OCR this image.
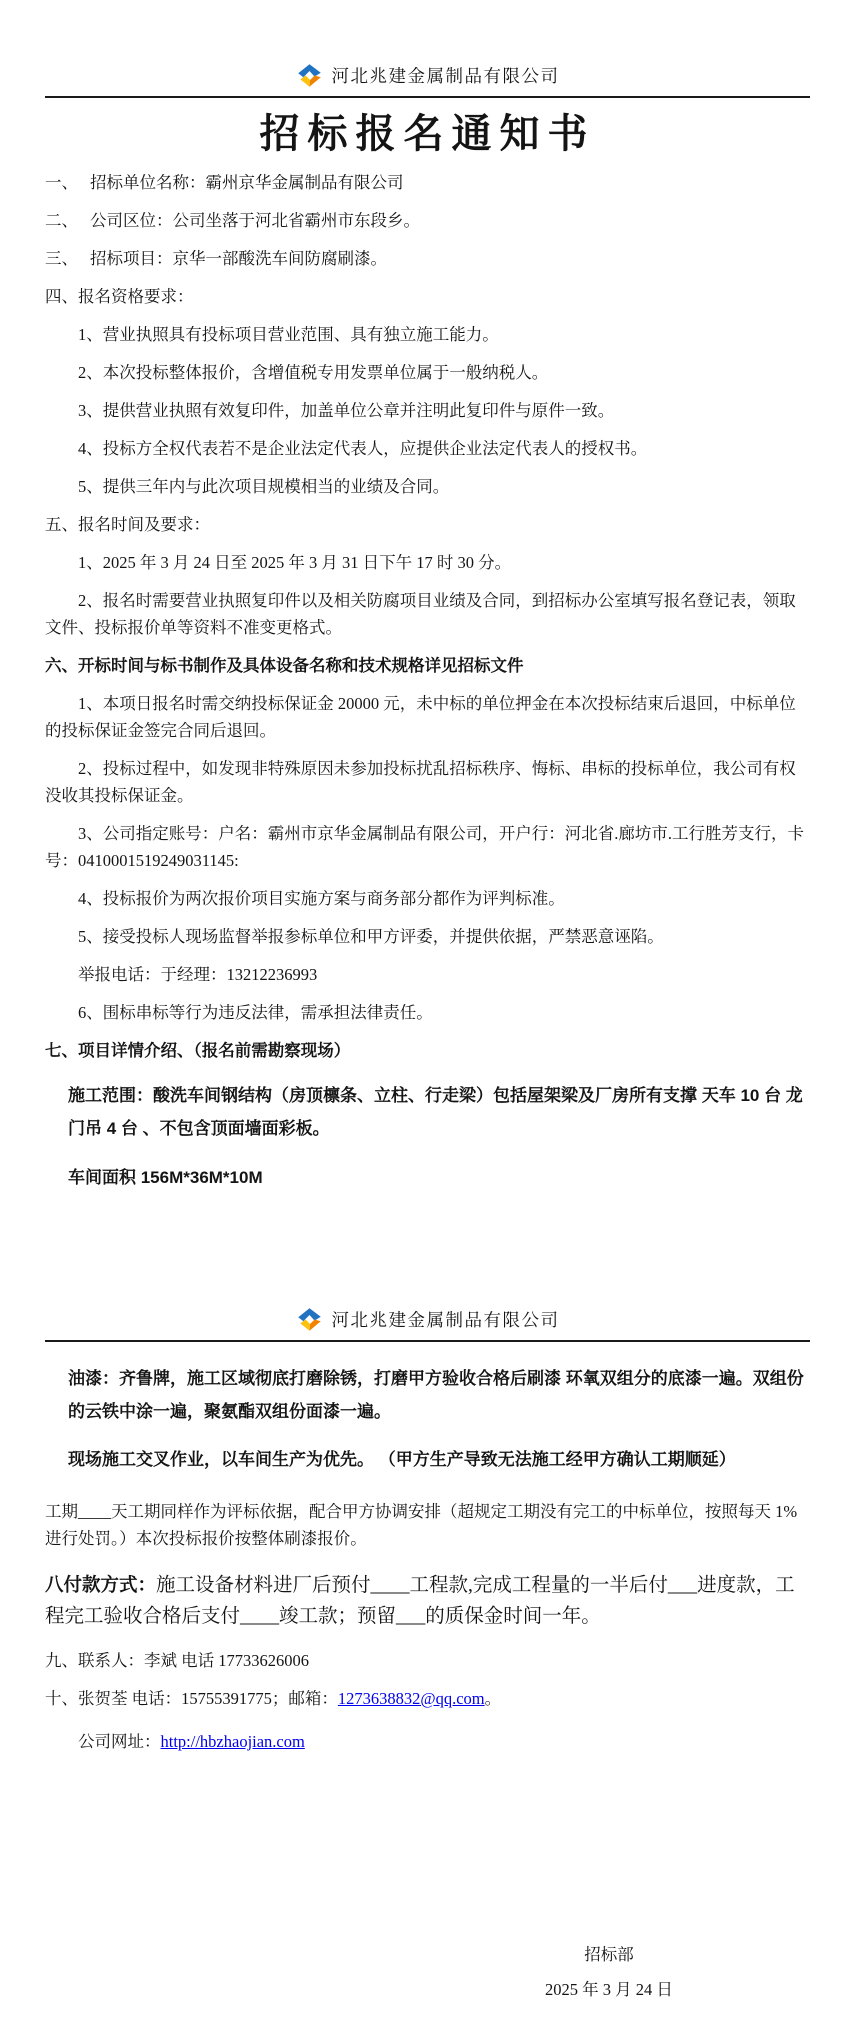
河北兆建金属制品有限公司
招标报名通知书

一、 招标单位名称：霸州京华金属制品有限公司

二、 公司区位：公司坐落于河北省霸州市东段乡。

三、 招标项目：京华一部酸洗车间防腐刷漆。

四、报名资格要求：

1、营业执照具有投标项目营业范围、具有独立施工能力。

2、本次投标整体报价，含增值税专用发票单位属于一般纳税人。

3、提供营业执照有效复印件，加盖单位公章并注明此复印件与原件一致。

4、投标方全权代表若不是企业法定代表人，应提供企业法定代表人的授权书。

5、提供三年内与此次项目规模相当的业绩及合同。

五、报名时间及要求：

1、2025 年 3 月 24 日至 2025 年 3 月 31 日下午 17 时 30 分。

2、报名时需要营业执照复印件以及相关防腐项目业绩及合同，到招标办公室填写报名登记表，领取文件、投标报价单等资料不准变更格式。

六、开标时间与标书制作及具体设备名称和技术规格详见招标文件

1、本项日报名时需交纳投标保证金 20000 元，未中标的单位押金在本次投标结束后退回，中标单位的投标保证金签完合同后退回。

2、投标过程中，如发现非特殊原因未参加投标扰乱招标秩序、悔标、串标的投标单位，我公司有权没收其投标保证金。

3、公司指定账号：户名：霸州市京华金属制品有限公司，开户行：河北省.廊坊市.工行胜芳支行，卡号：0410001519249031145:

4、投标报价为两次报价项目实施方案与商务部分都作为评判标准。

5、接受投标人现场监督举报参标单位和甲方评委，并提供依据，严禁恶意诬陷。

举报电话：于经理：13212236993

6、围标串标等行为违反法律，需承担法律责任。

七、项目详情介绍、（报名前需勘察现场）

施工范围：酸洗车间钢结构（房顶檩条、立柱、行走梁）包括屋架梁及厂房所有支撑 天车 10 台 龙门吊 4 台 、不包含顶面墙面彩板。

车间面积 156M*36M*10M

河北兆建金属制品有限公司

油漆：齐鲁牌，施工区域彻底打磨除锈，打磨甲方验收合格后刷漆 环氧双组分的底漆一遍。双组份的云铁中涂一遍，聚氨酯双组份面漆一遍。

现场施工交叉作业，以车间生产为优先。 （甲方生产导致无法施工经甲方确认工期顺延）

工期____天工期同样作为评标依据，配合甲方协调安排（超规定工期没有完工的中标单位，按照每天 1%进行处罚。）本次投标报价按整体刷漆报价。

八付款方式：施工设备材料进厂后预付____工程款,完成工程量的一半后付___进度款，工程完工验收合格后支付____竣工款；预留___的质保金时间一年。

九、联系人：李斌 电话 17733626006

十、张贺荃 电话：15755391775；邮箱：1273638832@qq.com。

公司网址：http://hbzhaojian.com

招标部
2025 年 3 月 24 日
